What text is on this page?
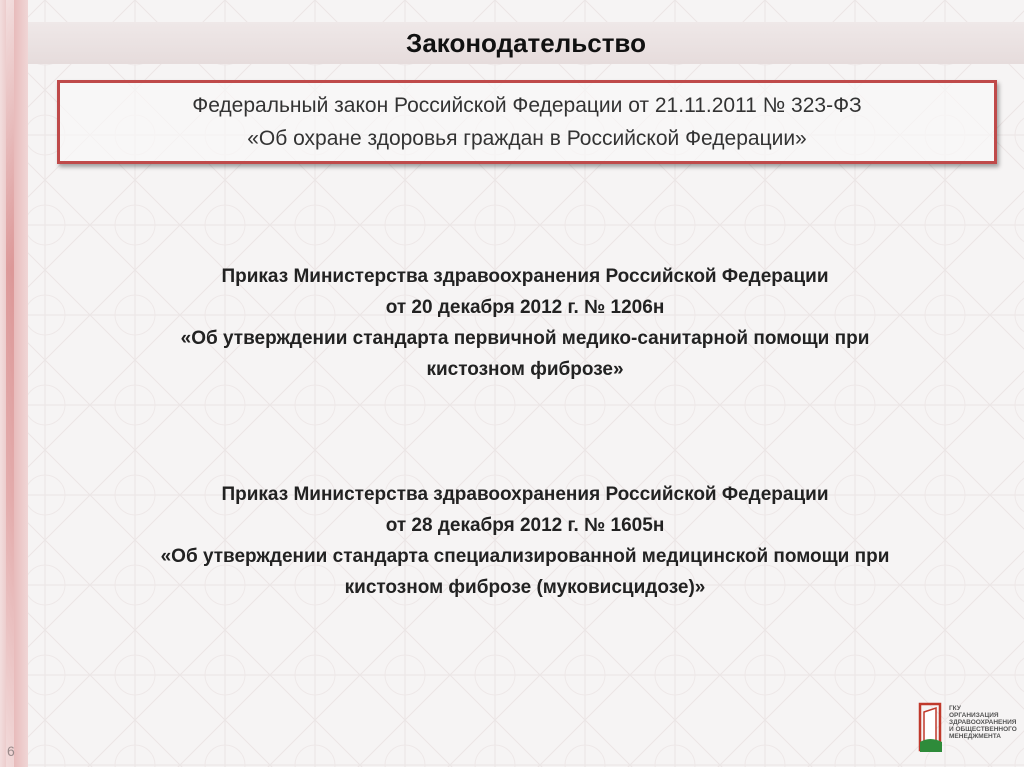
Законодательство
Федеральный закон Российской Федерации от 21.11.2011 № 323-ФЗ
«Об охране здоровья граждан в Российской Федерации»
Приказ Министерства здравоохранения Российской Федерации
от 20 декабря 2012 г. № 1206н
«Об утверждении стандарта первичной медико-санитарной помощи при
кистозном фиброзе»
Приказ Министерства здравоохранения Российской Федерации
от 28 декабря 2012 г. № 1605н
«Об утверждении стандарта специализированной медицинской помощи при
кистозном фиброзе (муковисцидозе)»
6
ГКУ
ОРГАНИЗАЦИЯ
ЗДРАВООХРАНЕНИЯ
И ОБЩЕСТВЕННОГО
МЕНЕДЖМЕНТА
